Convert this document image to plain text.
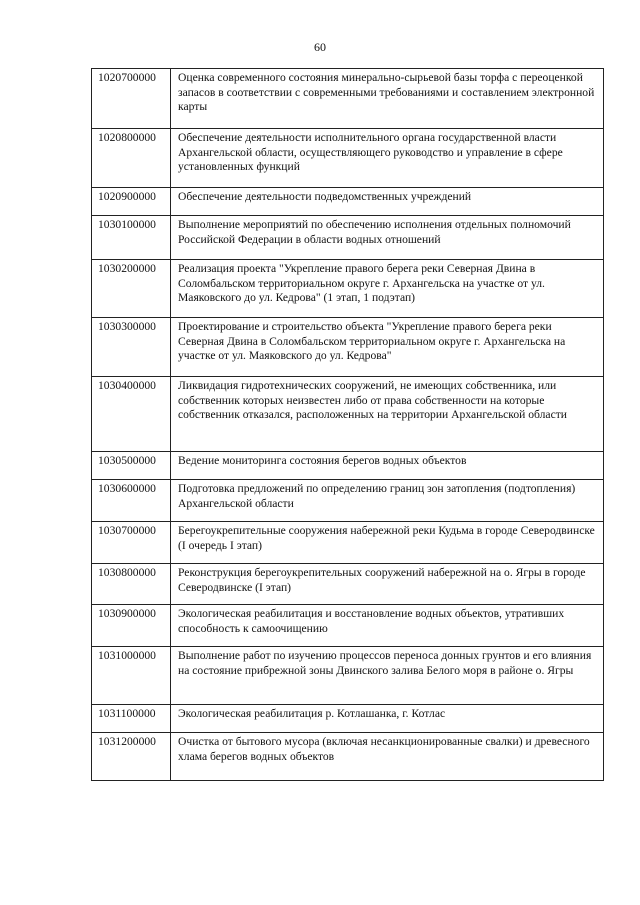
60
1020700000	Оценка современного состояния минерально-сырьевой базы торфа с переоценкой запасов в соответствии с современными требованиями и составлением электронной карты
1020800000	Обеспечение деятельности исполнительного органа государственной власти Архангельской области, осуществляющего руководство и управление в сфере установленных функций
1020900000	Обеспечение деятельности подведомственных учреждений
1030100000	Выполнение мероприятий по обеспечению исполнения отдельных полномочий Российской Федерации в области водных отношений
1030200000	Реализация проекта "Укрепление правого берега реки Северная Двина в Соломбальском территориальном округе г. Архангельска на участке от ул. Маяковского до ул. Кедрова" (1 этап, 1 подэтап)
1030300000	Проектирование и строительство объекта "Укрепление правого берега реки Северная Двина в Соломбальском территориальном округе г. Архангельска на участке от ул. Маяковского до ул. Кедрова"
1030400000	Ликвидация гидротехнических сооружений, не имеющих собственника, или собственник которых неизвестен либо от права собственности на которые собственник отказался, расположенных на территории Архангельской области
1030500000	Ведение мониторинга состояния берегов водных объектов
1030600000	Подготовка предложений по определению границ зон затопления (подтопления) Архангельской области
1030700000	Берегоукрепительные сооружения набережной реки Кудьма в городе Северодвинске (I очередь I этап)
1030800000	Реконструкция берегоукрепительных сооружений набережной на о. Ягры в городе Северодвинске (I этап)
1030900000	Экологическая реабилитация и восстановление водных объектов, утративших способность к самоочищению
1031000000	Выполнение работ по изучению процессов переноса донных грунтов и его влияния на состояние прибрежной зоны Двинского залива Белого моря в районе о. Ягры
1031100000	Экологическая реабилитация р. Котлашанка, г. Котлас
1031200000	Очистка от бытового мусора (включая несанкционированные свалки) и древесного хлама берегов водных объектов
